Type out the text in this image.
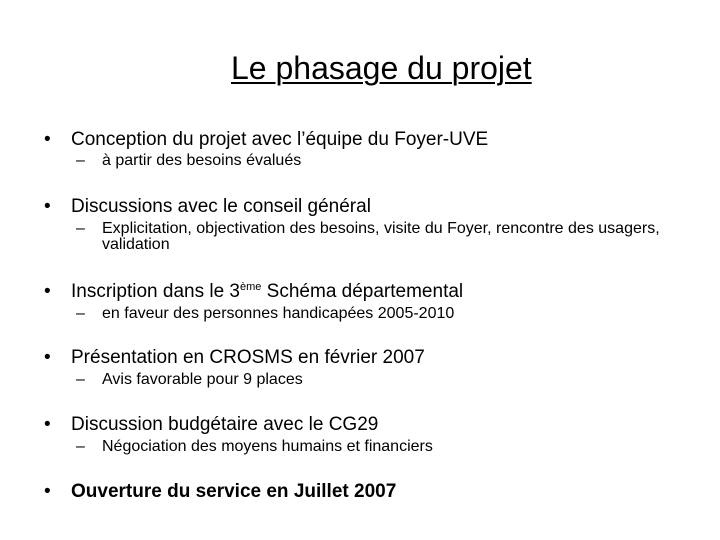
Le phasage du projet
• Conception du projet avec l’équipe du Foyer-UVE
– à partir des besoins évalués
• Discussions avec le conseil général
– Explicitation, objectivation des besoins, visite du Foyer, rencontre des usagers, validation
• Inscription dans le 3ème Schéma départemental
– en faveur des personnes handicapées 2005-2010
• Présentation en CROSMS en février 2007
– Avis favorable pour 9 places
• Discussion budgétaire avec le CG29
– Négociation des moyens humains et financiers
• Ouverture du service en Juillet 2007
